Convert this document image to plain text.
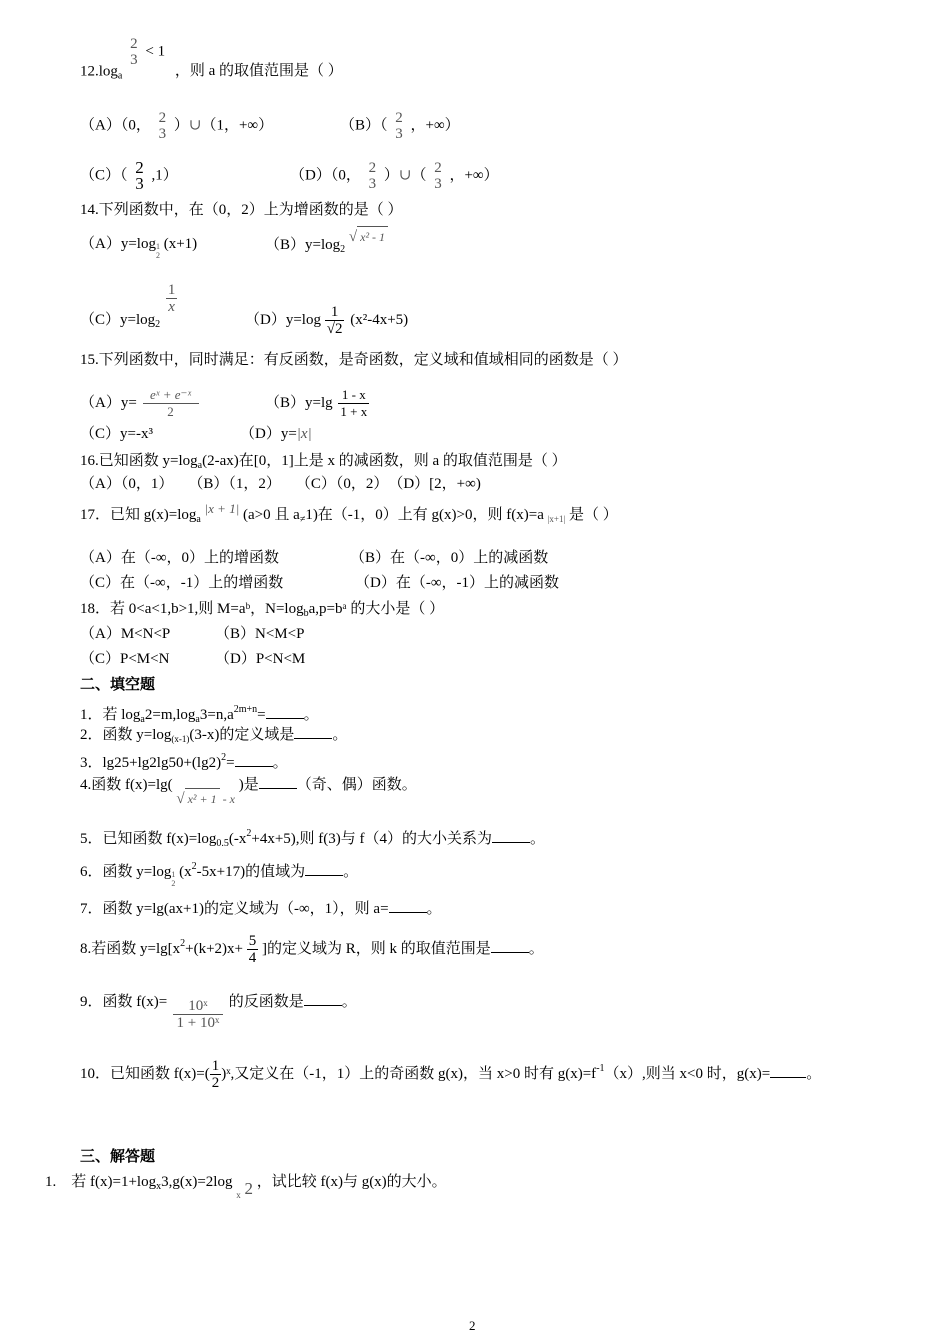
$12.\log_a$
2
3
< 1 ，则 a 的取值范围是（ ）
（A）（0， 2
3
）∪（1，+∞）	（B）（ 2
3
，+∞）
（C）（ 2
3 ,1）	（D）（0， 2
3
）∪（ 2
3
，+∞）
14.下列函数中，在（0，2）上为增函数的是（ ）
（A）y=log 1
2
(x+1)	$(B)y=\log_2$ √ x² - 1
$(C)y=\log_2$
$\frac{1}{x}$
$(D)y=\log \frac{1}{√2} (x^2-4x+5)$
15.下列函数中，同时满足：有反函数，是奇函数，定义域和值域相同的函数是（ ）
$(A)y= \frac{\text{eˣ + e⁻ˣ}}{2}$	$(B)y=\lg \frac{1 - x}{1 + x}$
（C）y=-x³	（D）y=|x|
16.已知函数 $y=\log_a(2-ax)$在[0，1]上是 x 的减函数，则 a 的取值范围是（ ）
（A）（0，1）　　（B）（1，2）　　（C）（0，2）　（D）[2，+∞)
17．已知 $g(x)=\log_a$ |x + 1| (a>0 且 $a_\ne 1$)在（-1，0）上有 g(x)>0，则 f(x)=a $_{|x+1|}$ 是（ ）
（A）在（-∞，0）上的增函数	（B）在（-∞，0）上的减函数
（C）在（-∞，-1）上的增函数	（D）在（-∞，-1）上的减函数
18．若 0<a<1,b>1,则 M=aᵇ，$N=\log_ba,p=bᵃ$ 的大小是（ ）
（A）M<N<P	（B）N<M<P
（C）P<M<N	（D）P<N<M
二、填空题
1．若 $\log_a2=m,\log_a3=n,a^{2m+n}=$	。
2．函数 $y=\log_{(x-1)}(3-x)$的定义域是	。
3．$\lg 25+\lg 2\lg 50+(\lg 2)^2=$	。
4.函数 f(x)=lg( √ x² + 1 - x )是	（奇、偶）函数。
5．已知函数 $f(x)=\log_{0.5}(-x^2+4x+5)$,则 f(3)与 f（4）的大小关系为	。
6．函数 y=log 1
2
$(x^2-5x+17)$的值域为	。
7．函数 y=lg(ax+1)的定义域为（-∞，1），则 a=	。
8.若函数 $y=\lg[x^2+(k+2)x+ \frac{5}{4}$ ]的定义域为 R，则 k 的取值范围是	。
9．函数 $f(x)= \frac{\text{10ˣ}}{\text{1 + 10ˣ}}$ 的反函数是	。
10．已知函数 $f(x)=( \frac{1}{2}$ )ˣ,又定义在（-1，1）上的奇函数 g(x)，当 x>0 时有 $g(x)=f^{-1}(x)$,则当 x<0 时，g(x)= 。
三、解答题
1.　若 $f(x)=1+\log_x3,g(x)=2\log$ $_x$ 2 ，试比较 f(x)与 g(x)的大小。
2
